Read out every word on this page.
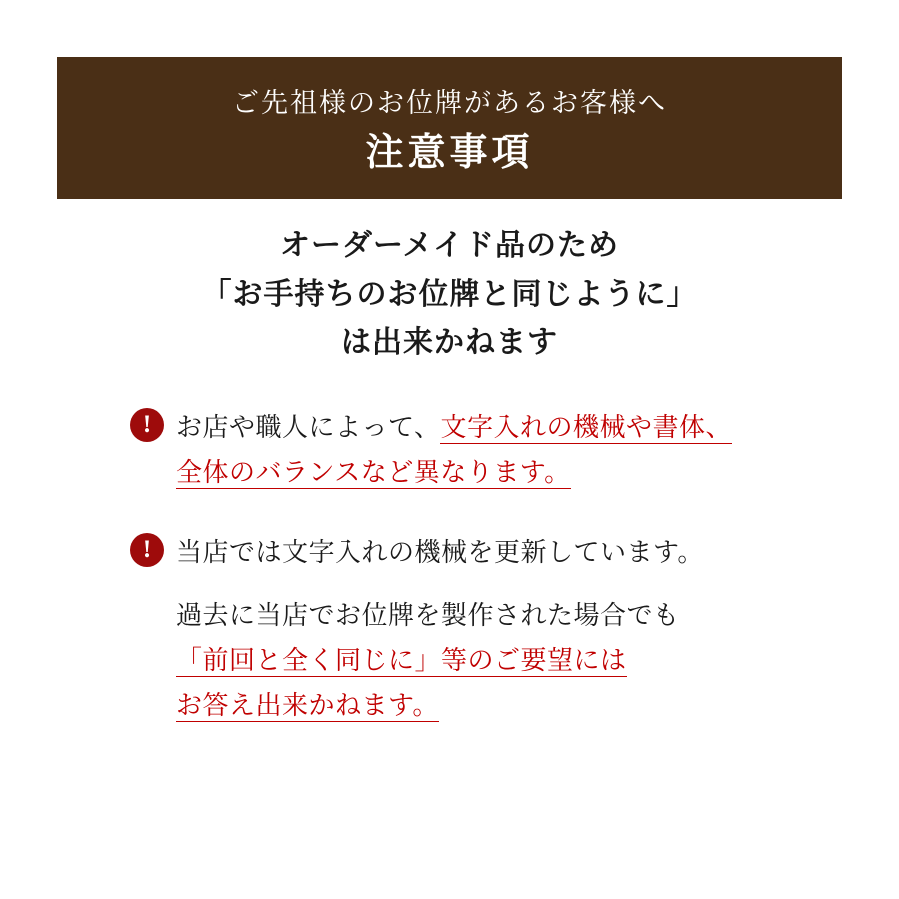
ご先祖様のお位牌があるお客様へ
注意事項
オーダーメイド品のため
「お手持ちのお位牌と同じように」
は出来かねます
! お店や職人によって、文字入れの機械や書体、
全体のバランスなど異なります。
! 当店では文字入れの機械を更新しています。
過去に当店でお位牌を製作された場合でも
「前回と全く同じに」等のご要望には
お答え出来かねます。
